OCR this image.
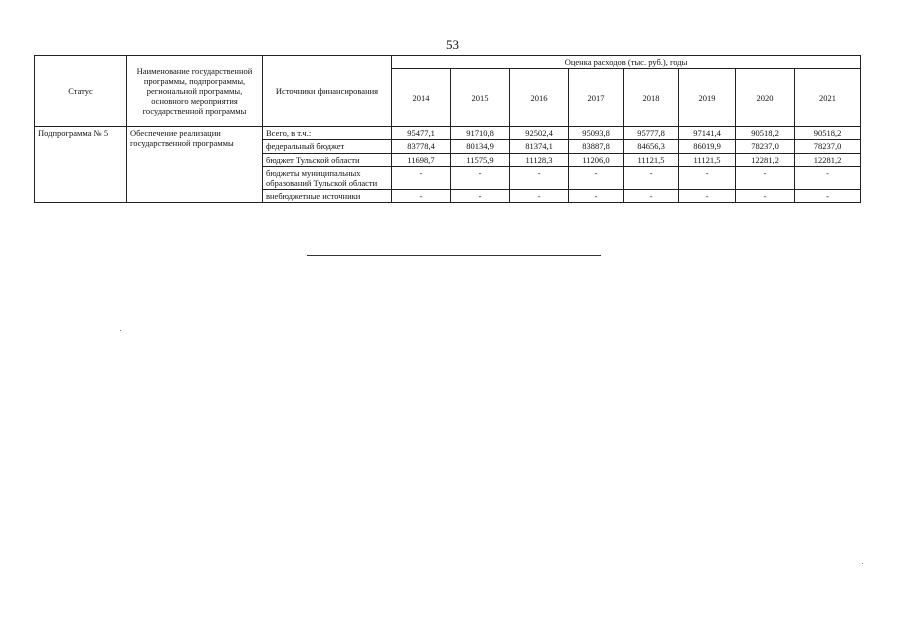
53
Статус	Наименование государственной программы, подпрограммы, региональной программы, основного мероприятия государственной программы	Источники финансирования	Оценка расходов (тыс. руб.), годы							
			2014	2015	2016	2017	2018	2019	2020	2021
Подпрограмма № 5	Обеспечение реализации государственной программы	Всего, в т.ч.:	95477,1	91710,8	92502,4	95093,8	95777,8	97141,4	90518,2	90518,2
		федеральный бюджет	83778,4	80134,9	81374,1	83887,8	84656,3	86019,9	78237,0	78237,0
		бюджет Тульской области	11698,7	11575,9	11128,3	11206,0	11121,5	11121,5	12281,2	12281,2
		бюджеты муниципальных образований Тульской области	-	-	-	-	-	-	-	-
		внебюджетные источники	-	-	-	-	-	-	-	-
